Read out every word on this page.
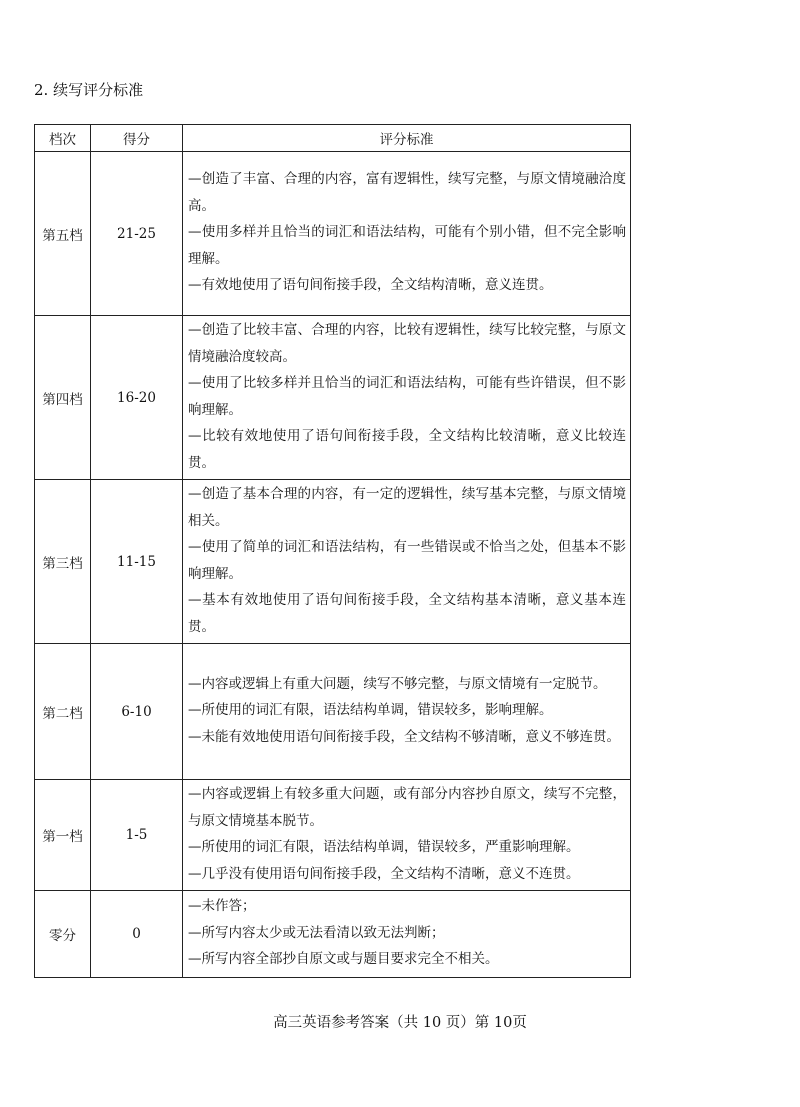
2. 续写评分标准
档次	得分	评分标准
第五档	21-25	—创造了丰富、合理的内容，富有逻辑性，续写完整，与原文情境融洽度高。
—使用多样并且恰当的词汇和语法结构，可能有个别小错，但不完全影响理解。
—有效地使用了语句间衔接手段，全文结构清晰，意义连贯。

第四档	16-20	—创造了比较丰富、合理的内容，比较有逻辑性，续写比较完整，与原文情境融洽度较高。
—使用了比较多样并且恰当的词汇和语法结构，可能有些许错误，但不影响理解。
—比较有效地使用了语句间衔接手段，全文结构比较清晰，意义比较连贯。

第三档	11-15	—创造了基本合理的内容，有一定的逻辑性，续写基本完整，与原文情境相关。
—使用了简单的词汇和语法结构，有一些错误或不恰当之处，但基本不影响理解。
—基本有效地使用了语句间衔接手段，全文结构基本清晰，意义基本连贯。

第二档	6-10	—内容或逻辑上有重大问题，续写不够完整，与原文情境有一定脱节。
—所使用的词汇有限，语法结构单调，错误较多，影响理解。
—未能有效地使用语句间衔接手段，全文结构不够清晰，意义不够连贯。

第一档	1-5	—内容或逻辑上有较多重大问题，或有部分内容抄自原文，续写不完整，与原文情境基本脱节。
—所使用的词汇有限，语法结构单调，错误较多，严重影响理解。
—几乎没有使用语句间衔接手段，全文结构不清晰，意义不连贯。

零分	0	—未作答；
—所写内容太少或无法看清以致无法判断；
—所写内容全部抄自原文或与题目要求完全不相关。
高三英语参考答案（共 10 页）第 10页
